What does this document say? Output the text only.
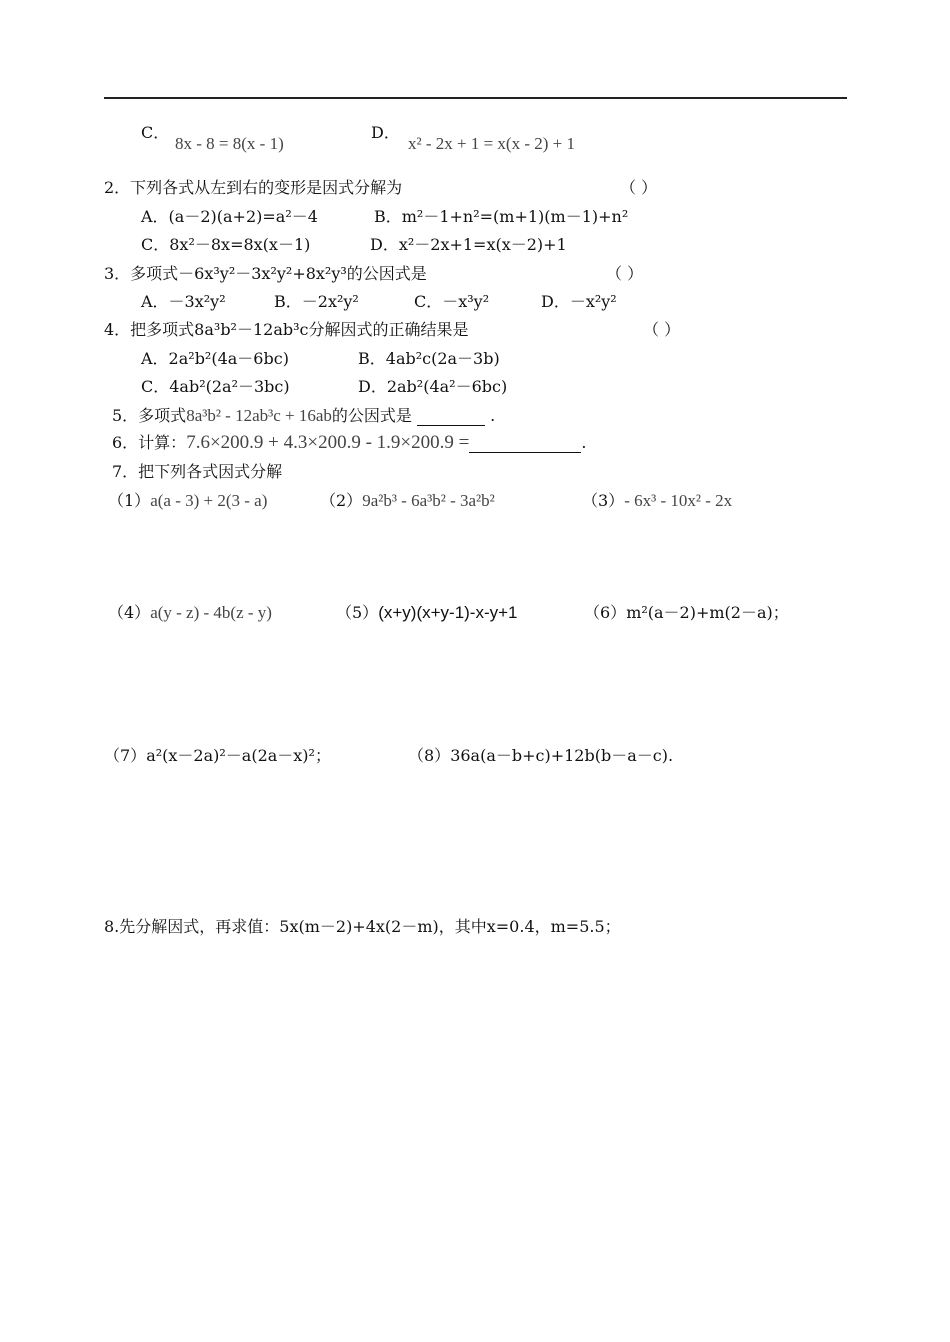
C．
8x - 8 = 8(x - 1)
D．
x² - 2x + 1 = x(x - 2) + 1
2．下列各式从左到右的变形是因式分解为	（ ）
A．(a－2)(a+2)=a²－4	B．m²－1+n²=(m+1)(m－1)+n²
C．8x²－8x=8x(x－1)	D．x²－2x+1=x(x－2)+1
3．多项式－6x³y²－3x²y²+8x²y³的公因式是	（ ）
A．－3x²y²	B．－2x²y²	C．－x³y²	D．－x²y²
4．把多项式8a³b²－12ab³c分解因式的正确结果是	（ ）
A．2a²b²(4a－6bc)	B．4ab²c(2a－3b)
C．4ab²(2a²－3bc)	D．2ab²(4a²－6bc)
5．多项式8a³b² - 12ab³c + 16ab的公因式是	.
6．计算：7.6×200.9 + 4.3×200.9 - 1.9×200.9 =	.
7．把下列各式因式分解
（1）a(a - 3) + 2(3 - a)	（2）9a²b³ - 6a³b² - 3a²b²	（3）- 6x³ - 10x² - 2x
（4）a(y - z) - 4b(z - y)	（5）(x+y)(x+y-1)-x-y+1	（6）m²(a－2)+m(2－a)；
（7）a²(x－2a)²－a(2a－x)²；	（8）36a(a－b+c)+12b(b－a－c).
8.先分解因式，再求值：5x(m－2)+4x(2－m)，其中x=0.4，m=5.5；
